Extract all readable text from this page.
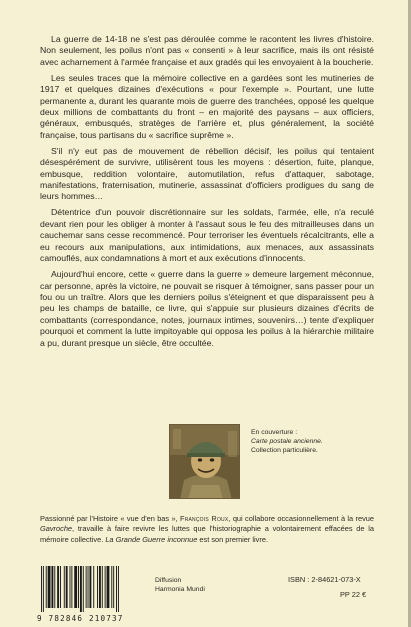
La guerre de 14-18 ne s'est pas déroulée comme le racontent les livres d'histoire. Non seulement, les poilus n'ont pas « consenti » à leur sacrifice, mais ils ont résisté avec acharnement à l'armée française et aux gradés qui les envoyaient à la boucherie.

Les seules traces que la mémoire collective en a gardées sont les mutineries de 1917 et quelques dizaines d'exécutions « pour l'exemple ». Pourtant, une lutte permanente a, durant les quarante mois de guerre des tranchées, opposé les quelque deux millions de combattants du front – en majorité des paysans – aux officiers, généraux, embusqués, stratèges de l'arrière et, plus généralement, la société française, tous partisans du « sacrifice suprême ».

S'il n'y eut pas de mouvement de rébellion décisif, les poilus qui tentaient désespérément de survivre, utilisèrent tous les moyens : désertion, fuite, planque, embusque, reddition volontaire, automutilation, refus d'attaquer, sabotage, manifestations, fraternisation, mutinerie, assassinat d'officiers prodigues du sang de leurs hommes…

Détentrice d'un pouvoir discrétionnaire sur les soldats, l'armée, elle, n'a reculé devant rien pour les obliger à monter à l'assaut sous le feu des mitrailleuses dans un cauchemar sans cesse recommencé. Pour terroriser les éventuels récalcitrants, elle a eu recours aux manipulations, aux intimidations, aux menaces, aux assassinats camouflés, aux condamnations à mort et aux exécutions d'innocents.

Aujourd'hui encore, cette « guerre dans la guerre » demeure largement méconnue, car personne, après la victoire, ne pouvait se risquer à témoigner, sans passer pour un fou ou un traître. Alors que les derniers poilus s'éteignent et que disparaissent peu à peu les champs de bataille, ce livre, qui s'appuie sur plusieurs dizaines d'écrits de combattants (correspondance, notes, journaux intimes, souvenirs…) tente d'expliquer pourquoi et comment la lutte impitoyable qui opposa les poilus à la hiérarchie militaire a pu, durant presque un siècle, être occultée.

En couverture :
Carte postale ancienne.
Collection particulière.
Passionné par l'Histoire « vue d'en bas », François Roux, qui collabore occasionnellement à la revue Gavroche, travaille à faire revivre les luttes que l'historiographie a volontairement effacées de la mémoire collective. La Grande Guerre inconnue est son premier livre.
9 782846 210737
Diffusion
Harmonia Mundi
ISBN : 2-84621-073-X
PP 22 €
